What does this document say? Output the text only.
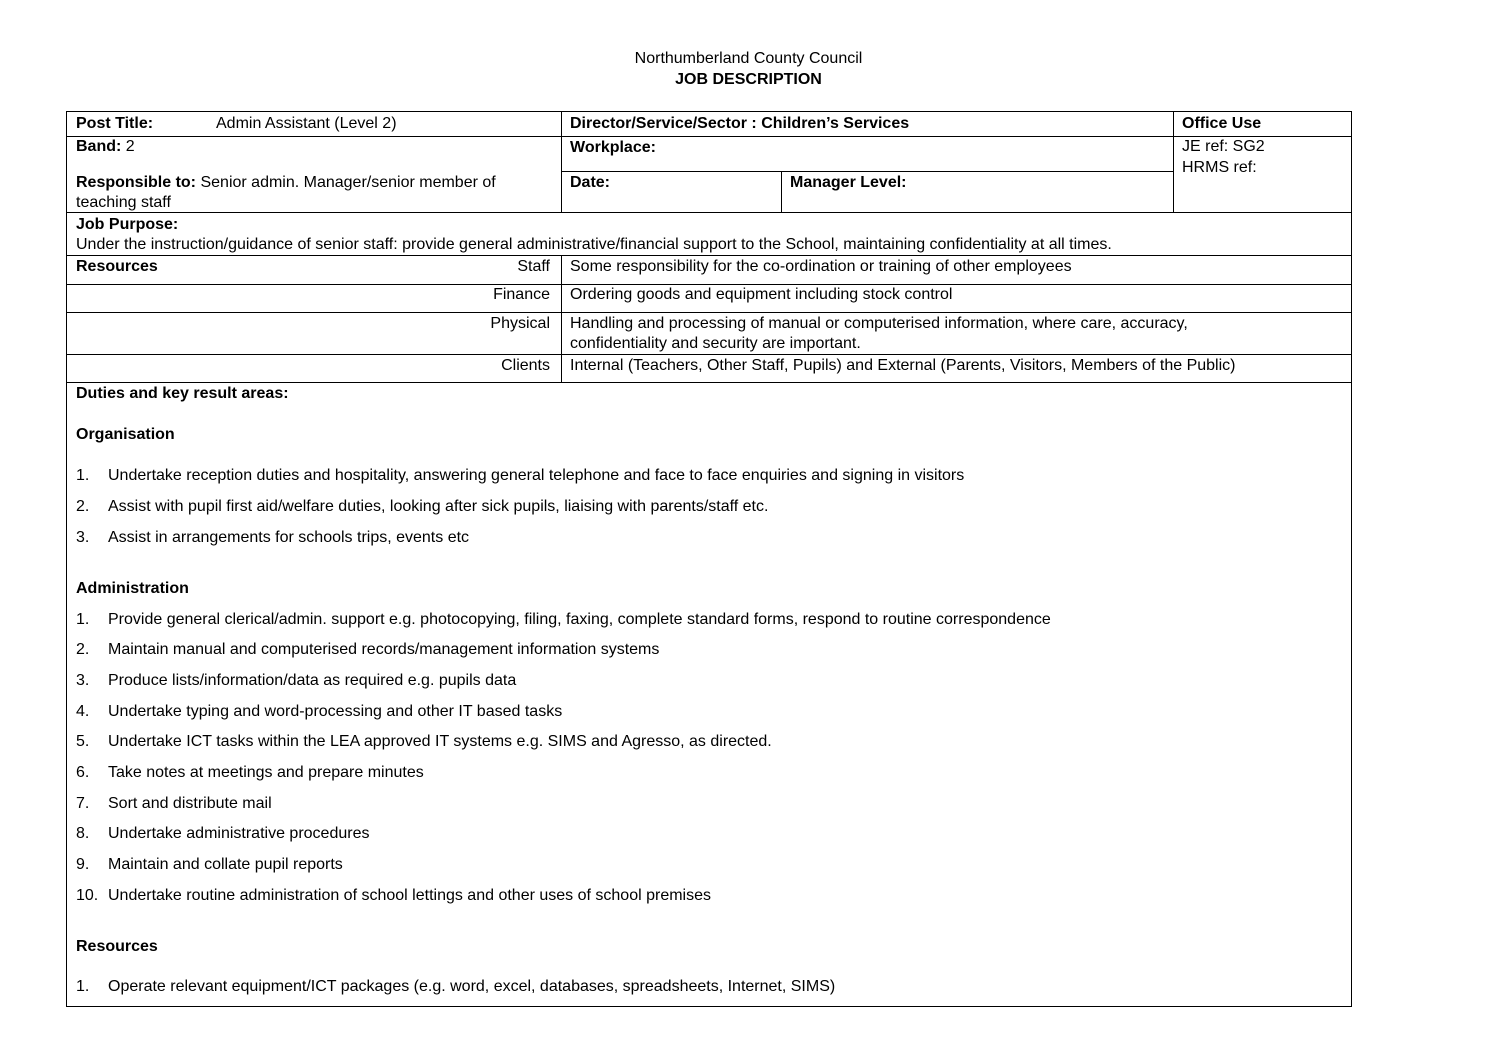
Northumberland County Council
JOB DESCRIPTION
Post Title:	Admin Assistant (Level 2)	Director/Service/Sector : Children’s Services	Office Use
Band: 2	Workplace:	JE ref: SG2
HRMS ref:
Responsible to: Senior admin. Manager/senior member of
teaching staff
Date:	Manager Level:
Job Purpose:
Under the instruction/guidance of senior staff: provide general administrative/financial support to the School, maintaining confidentiality at all times.
Resources	Staff Some responsibility for the co-ordination or training of other employees
Finance Ordering goods and equipment including stock control
Physical Handling and processing of manual or computerised information, where care, accuracy,
confidentiality and security are important.
Clients Internal (Teachers, Other Staff, Pupils) and External (Parents, Visitors, Members of the Public)
Duties and key result areas:
Organisation
1.	Undertake reception duties and hospitality, answering general telephone and face to face enquiries and signing in visitors
2.	Assist with pupil first aid/welfare duties, looking after sick pupils, liaising with parents/staff etc.
3.	Assist in arrangements for schools trips, events etc
Administration
1.	Provide general clerical/admin. support e.g. photocopying, filing, faxing, complete standard forms, respond to routine correspondence
2.	Maintain manual and computerised records/management information systems
3.	Produce lists/information/data as required e.g. pupils data
4.	Undertake typing and word-processing and other IT based tasks
5.	Undertake ICT tasks within the LEA approved IT systems e.g. SIMS and Agresso, as directed.
6.	Take notes at meetings and prepare minutes
7.	Sort and distribute mail
8.	Undertake administrative procedures
9.	Maintain and collate pupil reports
10. Undertake routine administration of school lettings and other uses of school premises
Resources
1.	Operate relevant equipment/ICT packages (e.g. word, excel, databases, spreadsheets, Internet, SIMS)
